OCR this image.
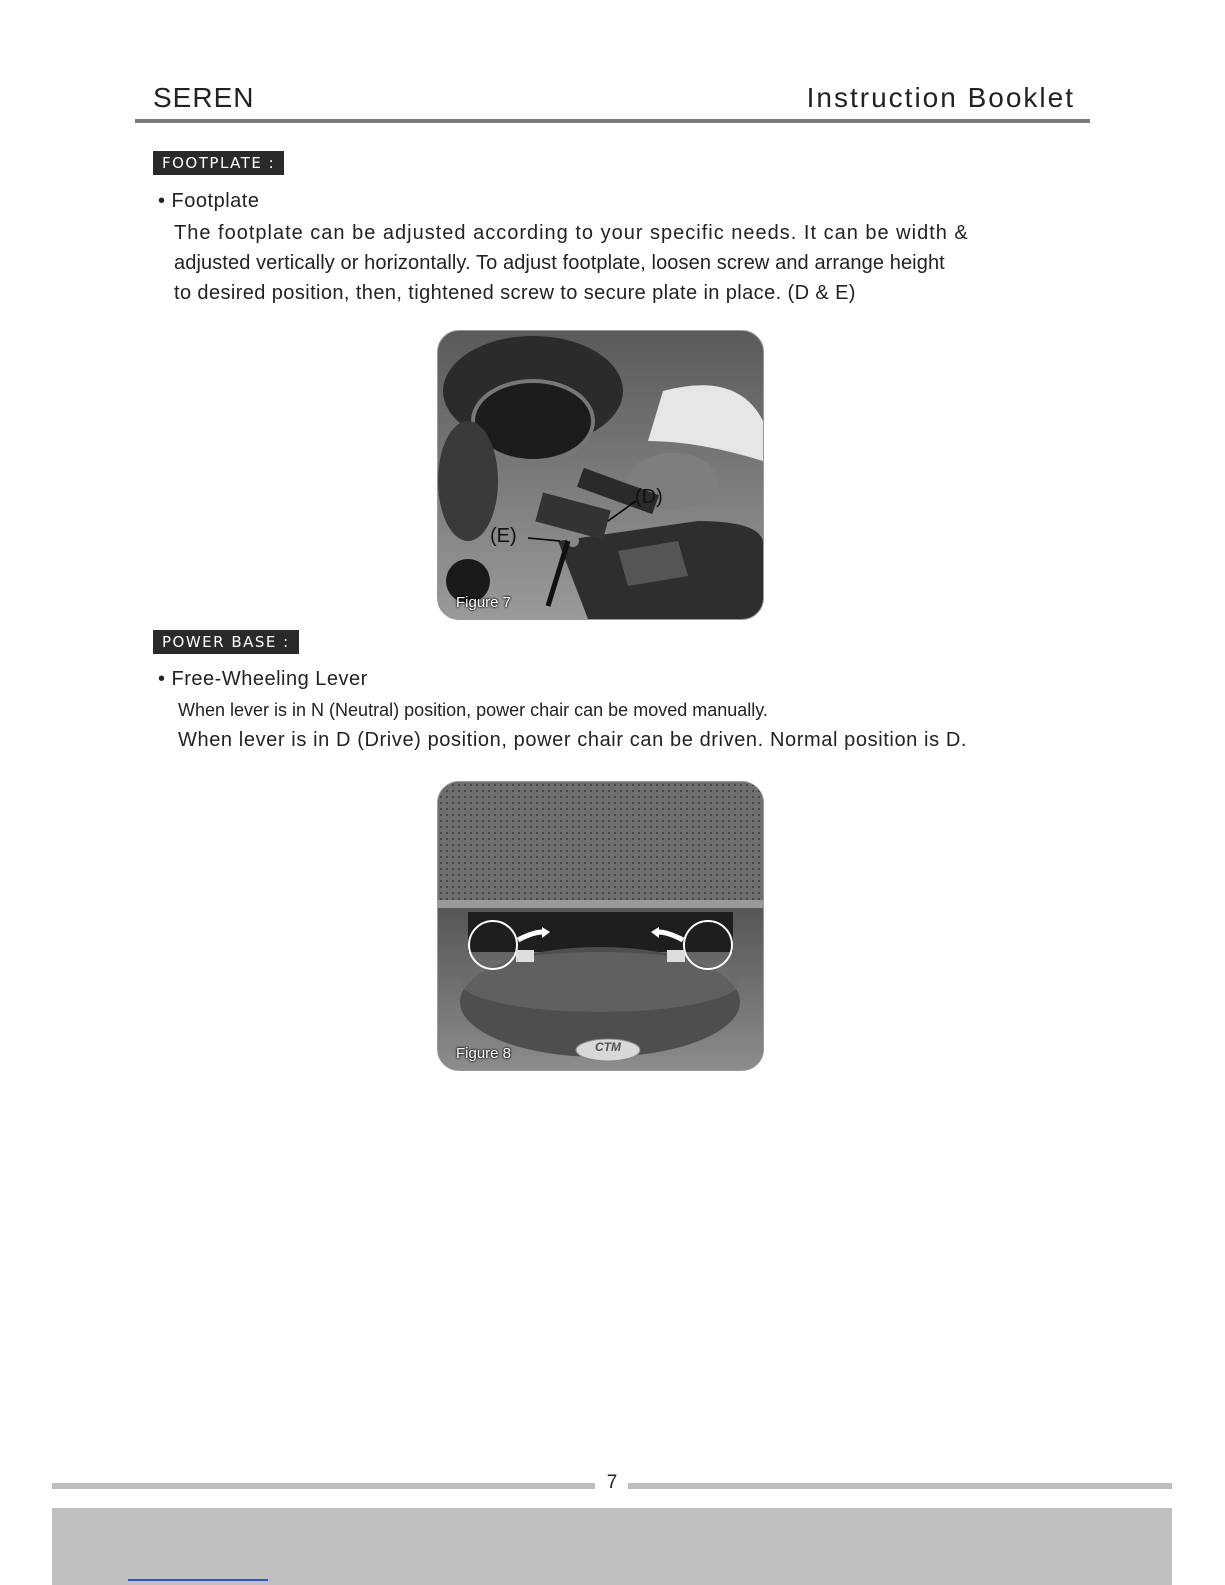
SEREN	Instruction Booklet
FOOTPLATE :
• Footplate
The footplate can be adjusted according to your specific needs. It can be width &
adjusted vertically or horizontally. To adjust footplate, loosen screw and arrange height
to desired position, then, tightened screw to secure plate in place. (D & E)
(D)
(E)
Figure 7
POWER BASE :
• Free-Wheeling Lever
When lever is in N (Neutral) position, power chair can be moved manually.
When lever is in D (Drive) position, power chair can be driven. Normal position is D.
CTM
Figure 8
7
